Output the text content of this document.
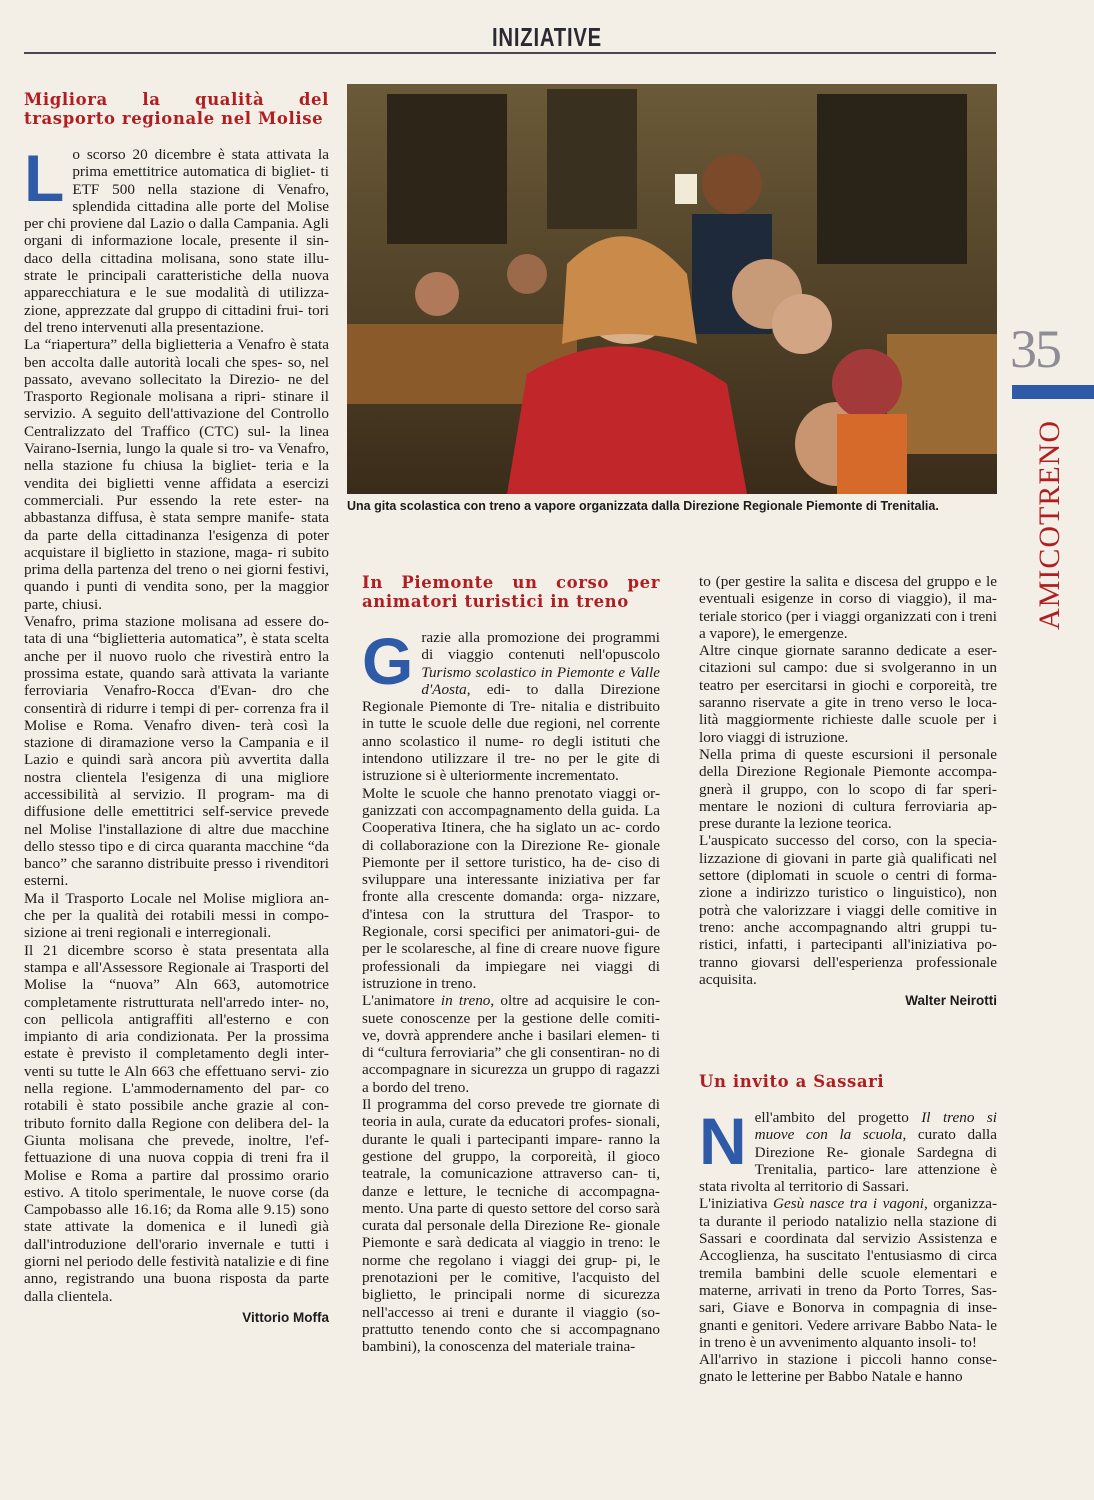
INIZIATIVE
35
AMICOTRENO
Migliora la qualità del trasporto regionale nel Molise

Lo scorso 20 dicembre è stata attivata la prima emettitrice automatica di bigliet- ti ETF 500 nella stazione di Venafro, splendida cittadina alle porte del Molise per chi proviene dal Lazio o dalla Campania. Agli organi di informazione locale, presente il sin- daco della cittadina molisana, sono state illu- strate le principali caratteristiche della nuova apparecchiatura e le sue modalità di utilizza- zione, apprezzate dal gruppo di cittadini frui- tori del treno intervenuti alla presentazione.

La “riapertura” della biglietteria a Venafro è stata ben accolta dalle autorità locali che spes- so, nel passato, avevano sollecitato la Direzio- ne del Trasporto Regionale molisana a ripri- stinare il servizio. A seguito dell'attivazione del Controllo Centralizzato del Traffico (CTC) sul- la linea Vairano-Isernia, lungo la quale si tro- va Venafro, nella stazione fu chiusa la bigliet- teria e la vendita dei biglietti venne affidata a esercizi commerciali. Pur essendo la rete ester- na abbastanza diffusa, è stata sempre manife- stata da parte della cittadinanza l'esigenza di poter acquistare il biglietto in stazione, maga- ri subito prima della partenza del treno o nei giorni festivi, quando i punti di vendita sono, per la maggior parte, chiusi.

Venafro, prima stazione molisana ad essere do- tata di una “biglietteria automatica”, è stata scelta anche per il nuovo ruolo che rivestirà entro la prossima estate, quando sarà attivata la variante ferroviaria Venafro-Rocca d'Evan- dro che consentirà di ridurre i tempi di per- correnza fra il Molise e Roma. Venafro diven- terà così la stazione di diramazione verso la Campania e il Lazio e quindi sarà ancora più avvertita dalla nostra clientela l'esigenza di una migliore accessibilità al servizio. Il program- ma di diffusione delle emettitrici self-service prevede nel Molise l'installazione di altre due macchine dello stesso tipo e di circa quaranta macchine “da banco” che saranno distribuite presso i rivenditori esterni.

Ma il Trasporto Locale nel Molise migliora an- che per la qualità dei rotabili messi in compo- sizione ai treni regionali e interregionali.

Il 21 dicembre scorso è stata presentata alla stampa e all'Assessore Regionale ai Trasporti del Molise la “nuova” Aln 663, automotrice completamente ristrutturata nell'arredo inter- no, con pellicola antigraffiti all'esterno e con impianto di aria condizionata. Per la prossima estate è previsto il completamento degli inter- venti su tutte le Aln 663 che effettuano servi- zio nella regione. L'ammodernamento del par- co rotabili è stato possibile anche grazie al con- tributo fornito dalla Regione con delibera del- la Giunta molisana che prevede, inoltre, l'ef- fettuazione di una nuova coppia di treni fra il Molise e Roma a partire dal prossimo orario estivo. A titolo sperimentale, le nuove corse (da Campobasso alle 16.16; da Roma alle 9.15) sono state attivate la domenica e il lunedì già dall'introduzione dell'orario invernale e tutti i giorni nel periodo delle festività natalizie e di fine anno, registrando una buona risposta da parte dalla clientela.

Vittorio Moffa
Una gita scolastica con treno a vapore organizzata dalla Direzione Regionale Piemonte di Trenitalia.
In Piemonte un corso per animatori turistici in treno

Grazie alla promozione dei programmi di viaggio contenuti nell'opuscolo Turismo scolastico in Piemonte e Valle d'Aosta, edi- to dalla Direzione Regionale Piemonte di Tre- nitalia e distribuito in tutte le scuole delle due regioni, nel corrente anno scolastico il nume- ro degli istituti che intendono utilizzare il tre- no per le gite di istruzione si è ulteriormente incrementato.

Molte le scuole che hanno prenotato viaggi or- ganizzati con accompagnamento della guida. La Cooperativa Itinera, che ha siglato un ac- cordo di collaborazione con la Direzione Re- gionale Piemonte per il settore turistico, ha de- ciso di sviluppare una interessante iniziativa per far fronte alla crescente domanda: orga- nizzare, d'intesa con la struttura del Traspor- to Regionale, corsi specifici per animatori-gui- de per le scolaresche, al fine di creare nuove figure professionali da impiegare nei viaggi di istruzione in treno.

L'animatore in treno, oltre ad acquisire le con- suete conoscenze per la gestione delle comiti- ve, dovrà apprendere anche i basilari elemen- ti di “cultura ferroviaria” che gli consentiran- no di accompagnare in sicurezza un gruppo di ragazzi a bordo del treno.

Il programma del corso prevede tre giornate di teoria in aula, curate da educatori profes- sionali, durante le quali i partecipanti impare- ranno la gestione del gruppo, la corporeità, il gioco teatrale, la comunicazione attraverso can- ti, danze e letture, le tecniche di accompagna- mento. Una parte di questo settore del corso sarà curata dal personale della Direzione Re- gionale Piemonte e sarà dedicata al viaggio in treno: le norme che regolano i viaggi dei grup- pi, le prenotazioni per le comitive, l'acquisto del biglietto, le principali norme di sicurezza nell'accesso ai treni e durante il viaggio (so- prattutto tenendo conto che si accompagnano bambini), la conoscenza del materiale traina-

to (per gestire la salita e discesa del gruppo e le eventuali esigenze in corso di viaggio), il ma- teriale storico (per i viaggi organizzati con i treni a vapore), le emergenze.

Altre cinque giornate saranno dedicate a eser- citazioni sul campo: due si svolgeranno in un teatro per esercitarsi in giochi e corporeità, tre saranno riservate a gite in treno verso le loca- lità maggiormente richieste dalle scuole per i loro viaggi di istruzione.

Nella prima di queste escursioni il personale della Direzione Regionale Piemonte accompa- gnerà il gruppo, con lo scopo di far speri- mentare le nozioni di cultura ferroviaria ap- prese durante la lezione teorica.

L'auspicato successo del corso, con la specia- lizzazione di giovani in parte già qualificati nel settore (diplomati in scuole o centri di forma- zione a indirizzo turistico o linguistico), non potrà che valorizzare i viaggi delle comitive in treno: anche accompagnando altri gruppi tu- ristici, infatti, i partecipanti all'iniziativa po- tranno giovarsi dell'esperienza professionale acquisita.

Walter Neirotti
Un invito a Sassari

Nell'ambito del progetto Il treno si muove con la scuola, curato dalla Direzione Re- gionale Sardegna di Trenitalia, partico- lare attenzione è stata rivolta al territorio di Sassari.

L'iniziativa Gesù nasce tra i vagoni, organizza- ta durante il periodo natalizio nella stazione di Sassari e coordinata dal servizio Assistenza e Accoglienza, ha suscitato l'entusiasmo di circa tremila bambini delle scuole elementari e materne, arrivati in treno da Porto Torres, Sas- sari, Giave e Bonorva in compagnia di inse- gnanti e genitori. Vedere arrivare Babbo Nata- le in treno è un avvenimento alquanto insoli- to!

All'arrivo in stazione i piccoli hanno conse- gnato le letterine per Babbo Natale e hanno
